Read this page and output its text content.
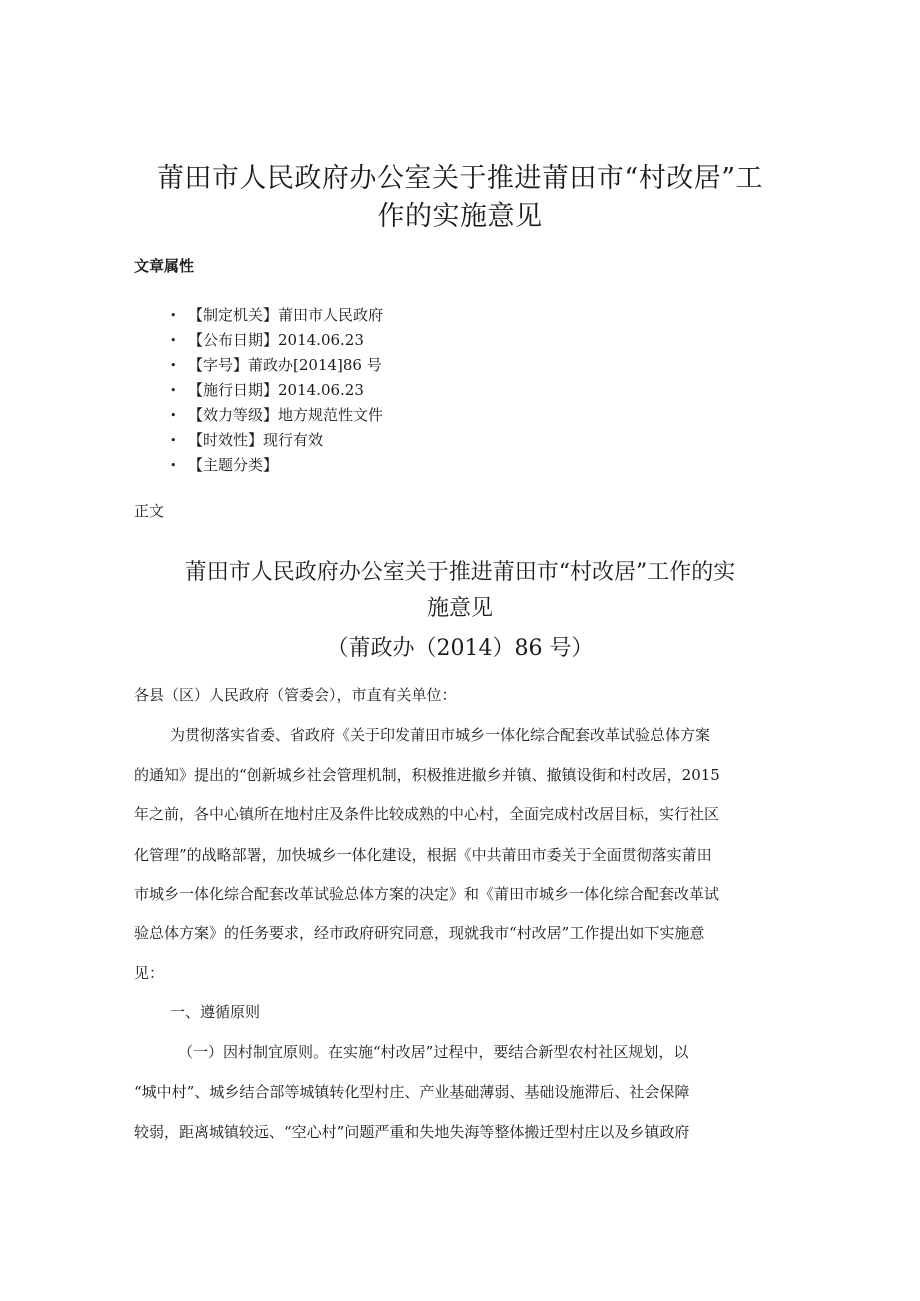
莆田市人民政府办公室关于推进莆田市“村改居”工
作的实施意见
文章属性
• 【制定机关】莆田市人民政府
• 【公布日期】2014.06.23
• 【字号】莆政办[2014]86 号
• 【施行日期】2014.06.23
• 【效力等级】地方规范性文件
• 【时效性】现行有效
• 【主题分类】
正文
莆田市人民政府办公室关于推进莆田市“村改居”工作的实
施意见
（莆政办（2014）86 号）
各县（区）人民政府（管委会），市直有关单位：
为贯彻落实省委、省政府《关于印发莆田市城乡一体化综合配套改革试验总体方案
的通知》提出的“创新城乡社会管理机制，积极推进撤乡并镇、撤镇设街和村改居，2015
年之前，各中心镇所在地村庄及条件比较成熟的中心村，全面完成村改居目标，实行社区
化管理”的战略部署，加快城乡一体化建设，根据《中共莆田市委关于全面贯彻落实莆田
市城乡一体化综合配套改革试验总体方案的决定》和《莆田市城乡一体化综合配套改革试
验总体方案》的任务要求，经市政府研究同意，现就我市“村改居”工作提出如下实施意
见：
一、遵循原则
（一）因村制宜原则。在实施“村改居”过程中，要结合新型农村社区规划，以
“城中村”、城乡结合部等城镇转化型村庄、产业基础薄弱、基础设施滞后、社会保障
较弱，距离城镇较远、“空心村”问题严重和失地失海等整体搬迁型村庄以及乡镇政府
